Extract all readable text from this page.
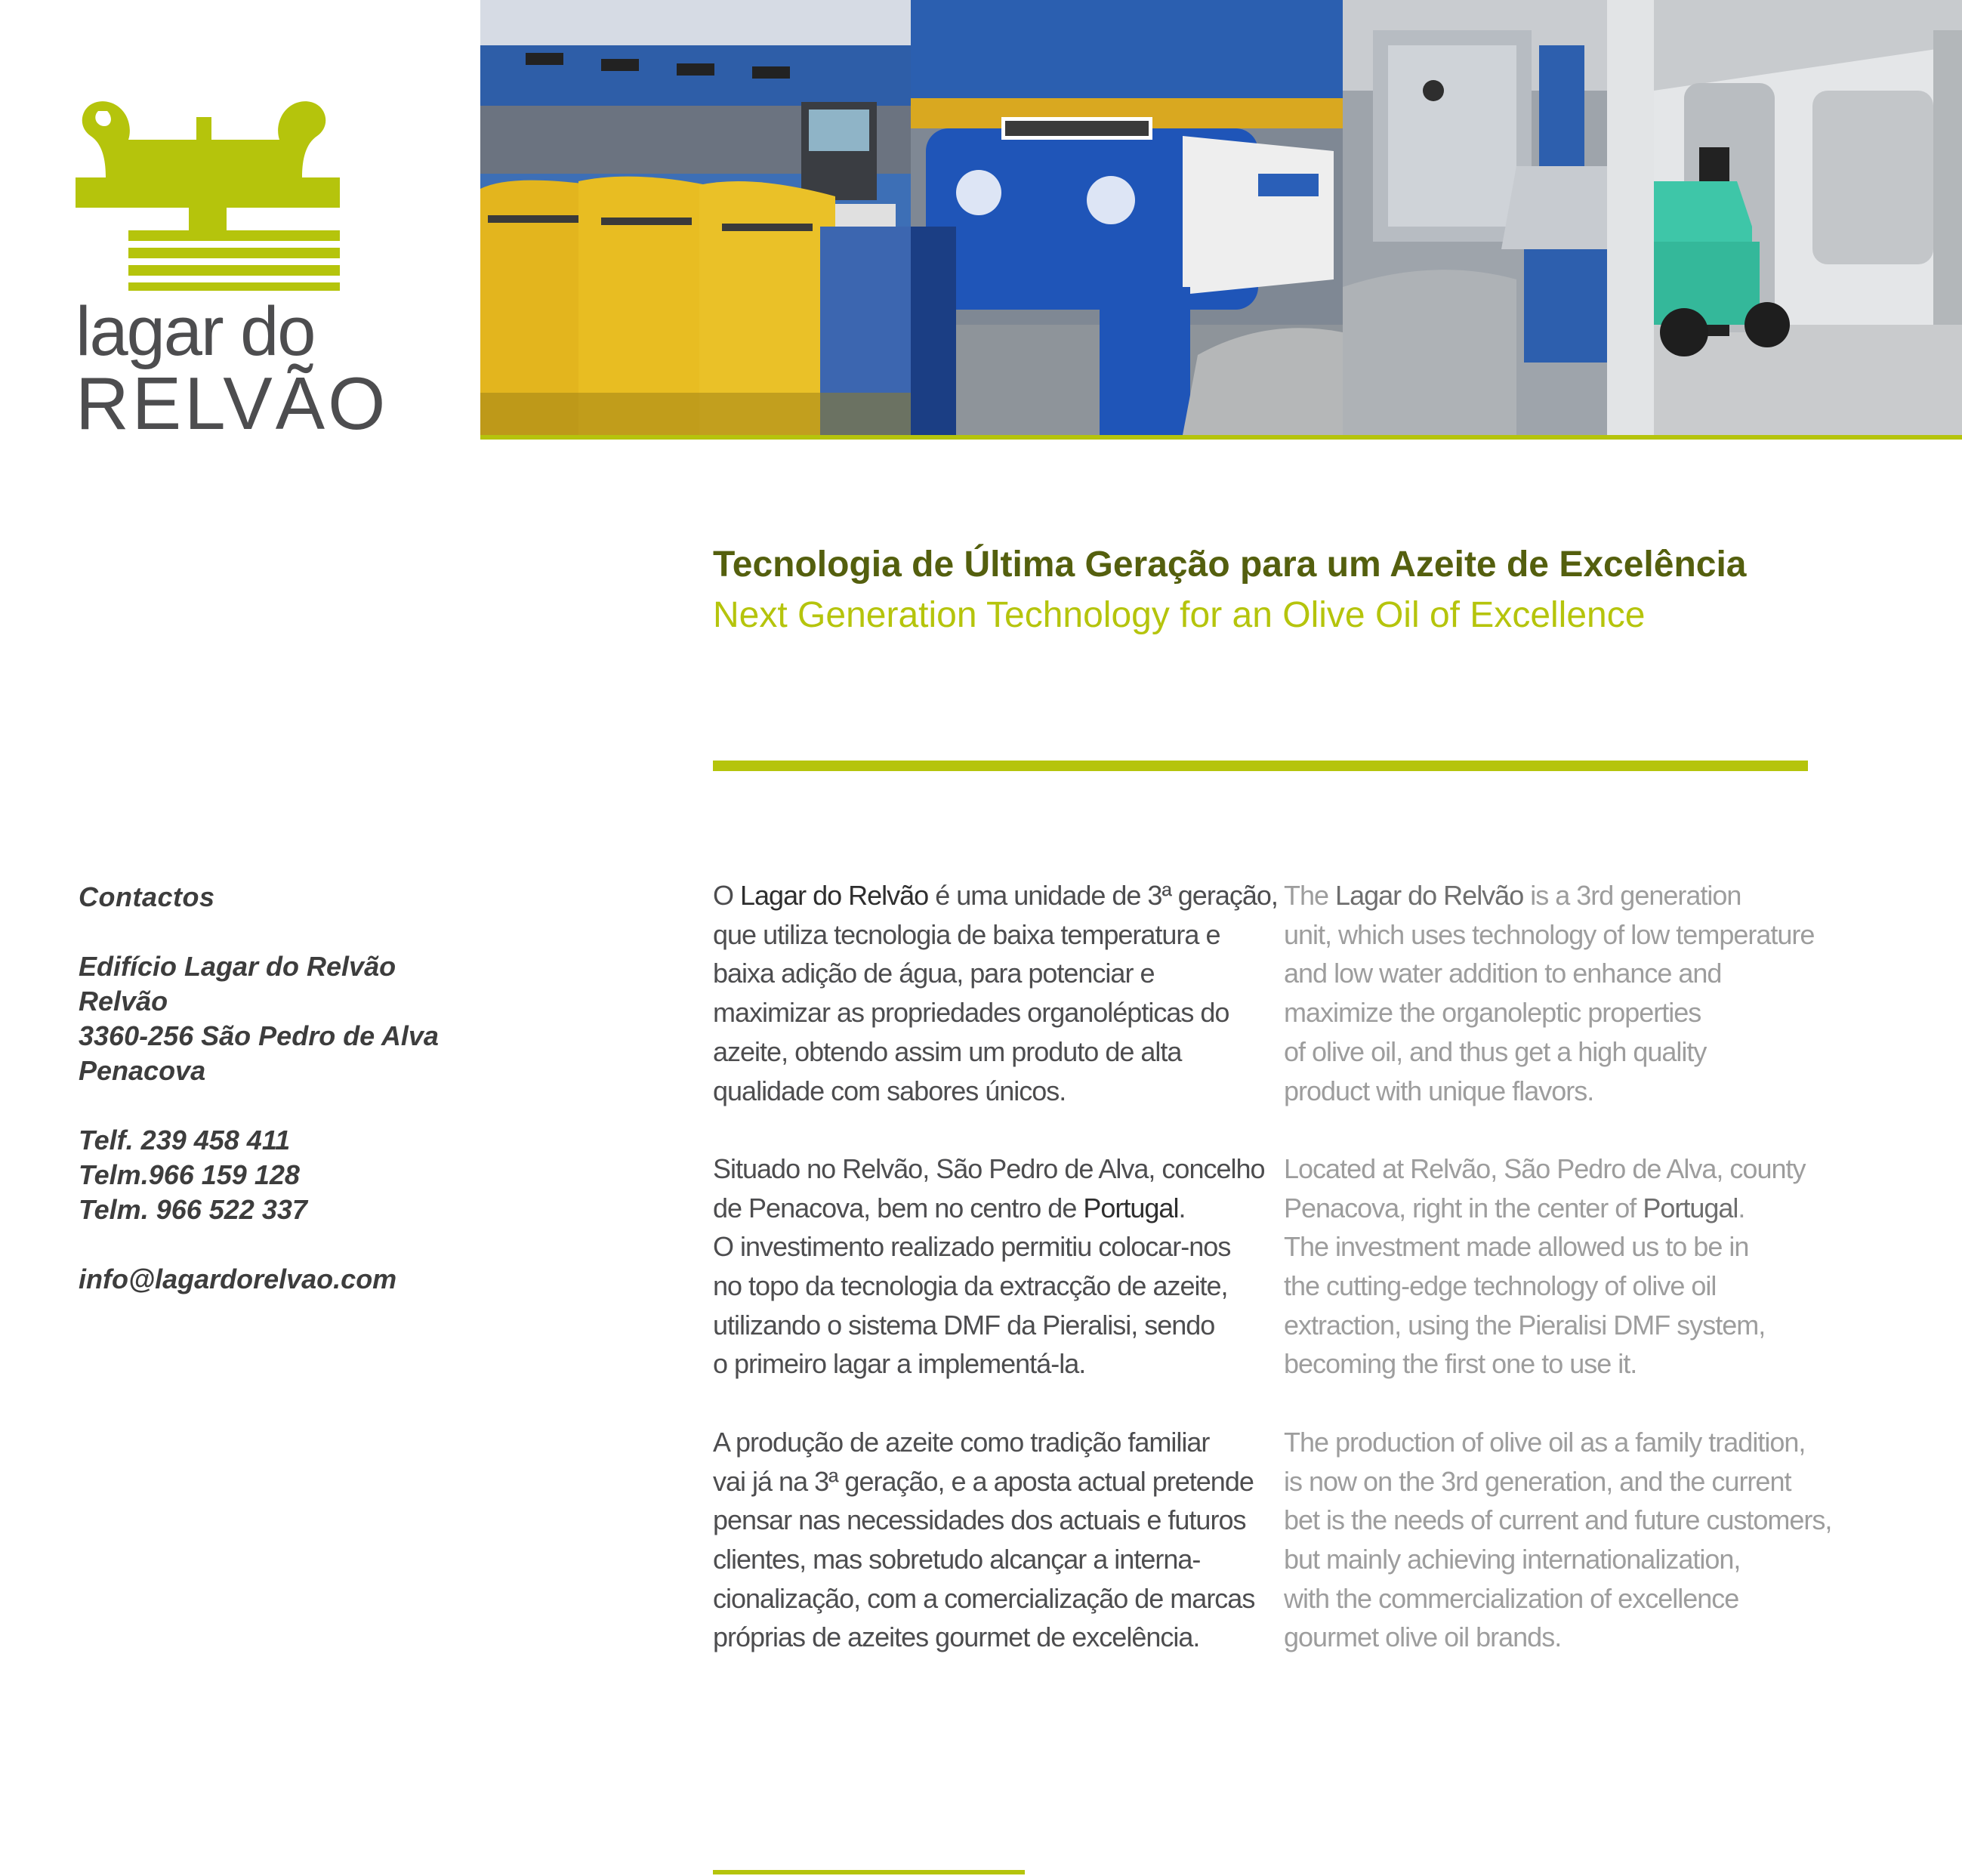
lagar do
RELVÃO
Tecnologia de Última Geração para um Azeite de Excelência
Next Generation Technology for an Olive Oil of Excellence
Contactos
Edifício Lagar do Relvão
Relvão
3360-256 São Pedro de Alva
Penacova
Telf. 239 458 411
Telm.966 159 128
Telm. 966 522 337
info@lagardorelvao.com
O Lagar do Relvão é uma unidade de 3ª geração,
que utiliza tecnologia de baixa temperatura e
baixa adição de água, para potenciar e
maximizar as propriedades organolépticas do
azeite, obtendo assim um produto de alta
qualidade com sabores únicos.
Situado no Relvão, São Pedro de Alva, concelho
de Penacova, bem no centro de Portugal.
O investimento realizado permitiu colocar-nos
no topo da tecnologia da extracção de azeite,
utilizando o sistema DMF da Pieralisi, sendo
o primeiro lagar a implementá-la.
A produção de azeite como tradição familiar
vai já na 3ª geração, e a aposta actual pretende
pensar nas necessidades dos actuais e futuros
clientes, mas sobretudo alcançar a interna-
cionalização, com a comercialização de marcas
próprias de azeites gourmet de excelência.
The Lagar do Relvão is a 3rd generation
unit, which uses technology of low temperature
and low water addition to enhance and
maximize the organoleptic properties
of olive oil, and thus get a high quality
product with unique flavors.
Located at Relvão, São Pedro de Alva, county
Penacova, right in the center of Portugal.
The investment made allowed us to be in
the cutting-edge technology of olive oil
extraction, using the Pieralisi DMF system,
becoming the first one to use it.
The production of olive oil as a family tradition,
is now on the 3rd generation, and the current
bet is the needs of current and future customers,
but mainly achieving internationalization,
with the commercialization of excellence
gourmet olive oil brands.
